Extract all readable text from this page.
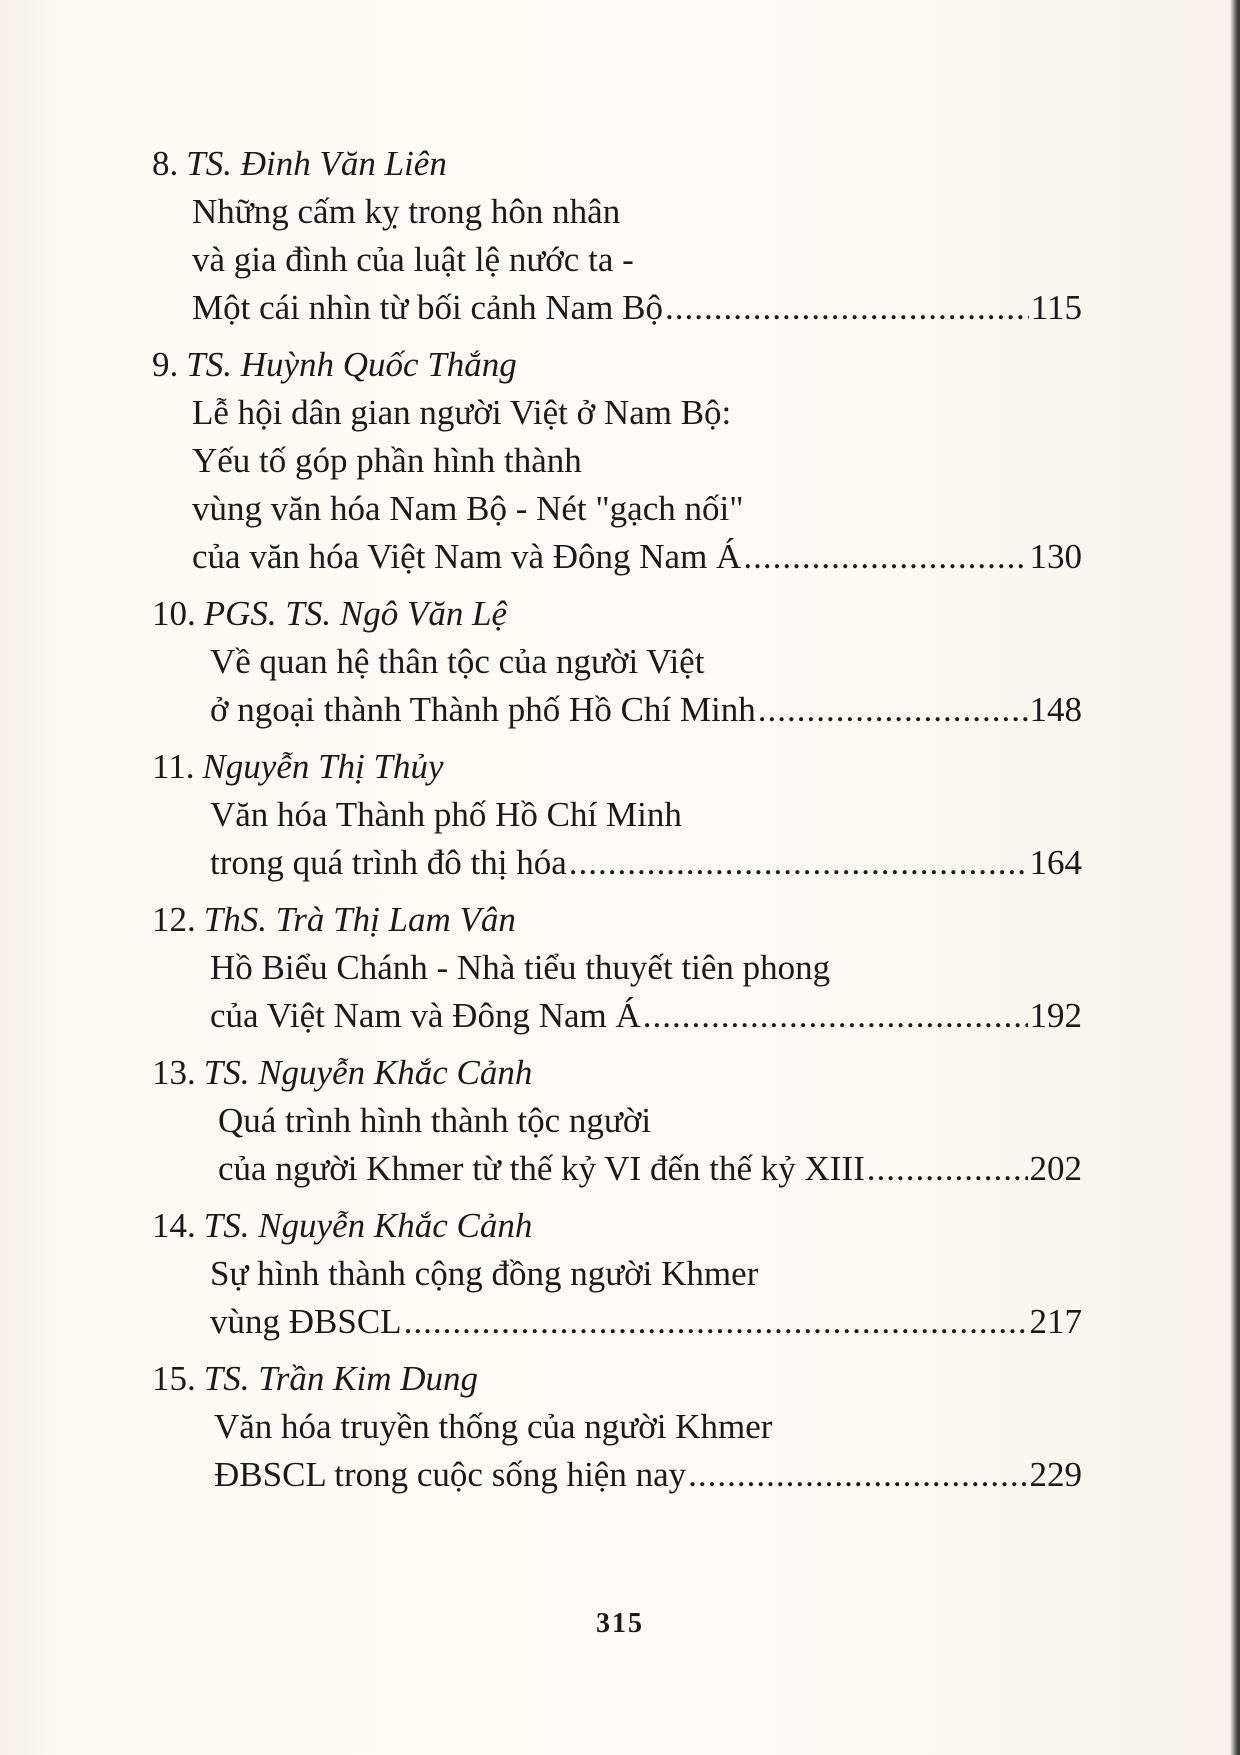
8. TS. Đinh Văn Liên
Những cấm kỵ trong hôn nhân
và gia đình của luật lệ nước ta -
Một cái nhìn từ bối cảnh Nam Bộ .....	115
9. TS. Huỳnh Quốc Thắng
Lễ hội dân gian người Việt ở Nam Bộ:
Yếu tố góp phần hình thành
vùng văn hóa Nam Bộ - Nét "gạch nối"
của văn hóa Việt Nam và Đông Nam Á .....	130
10. PGS. TS. Ngô Văn Lệ
Về quan hệ thân tộc của người Việt
ở ngoại thành Thành phố Hồ Chí Minh .....	148
11. Nguyễn Thị Thủy
Văn hóa Thành phố Hồ Chí Minh
trong quá trình đô thị hóa .....	164
12. ThS. Trà Thị Lam Vân
Hồ Biểu Chánh - Nhà tiểu thuyết tiên phong
của Việt Nam và Đông Nam Á .....	192
13. TS. Nguyễn Khắc Cảnh
Quá trình hình thành tộc người
của người Khmer từ thế kỷ VI đến thế kỷ XIII .....	202
14. TS. Nguyễn Khắc Cảnh
Sự hình thành cộng đồng người Khmer
vùng ĐBSCL .....	217
15. TS. Trần Kim Dung
Văn hóa truyền thống của người Khmer
ĐBSCL trong cuộc sống hiện nay .....	229
315
